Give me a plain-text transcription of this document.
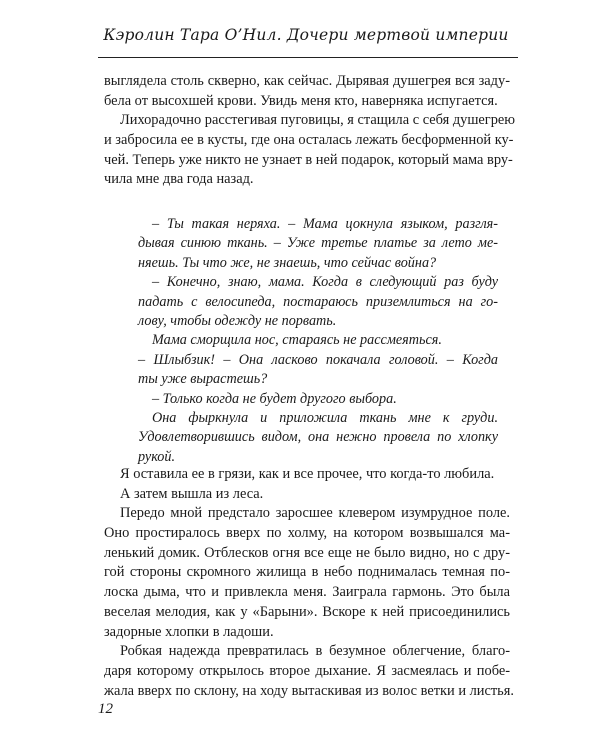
Кэролин Тара О’Нил. Дочери мертвой империи
выглядела столь скверно, как сейчас. Дырявая душегрея вся заду-
бела от высохшей крови. Увидь меня кто, наверняка испугается.
Лихорадочно расстегивая пуговицы, я стащила с себя душегрею
и забросила ее в кусты, где она осталась лежать бесформенной ку-
чей. Теперь уже никто не узнает в ней подарок, который мама вру-
чила мне два года назад.
– Ты такая неряха. – Мама цокнула языком, разгля-
дывая синюю ткань. – Уже третье платье за лето ме-
няешь. Ты что же, не знаешь, что сейчас война?
– Конечно, знаю, мама. Когда в следующий раз буду
падать с велосипеда, постараюсь приземлиться на го-
лову, чтобы одежду не порвать.
Мама сморщила нос, стараясь не рассмеяться.
– Шлыбзик! – Она ласково покачала головой. – Когда
ты уже вырастешь?
– Только когда не будет другого выбора.
Она фыркнула и приложила ткань мне к груди.
Удовлетворившись видом, она нежно провела по хлопку
рукой.
Я оставила ее в грязи, как и все прочее, что когда-то любила.
А затем вышла из леса.
Передо мной предстало заросшее клевером изумрудное поле.
Оно простиралось вверх по холму, на котором возвышался ма-
ленький домик. Отблесков огня все еще не было видно, но с дру-
гой стороны скромного жилища в небо поднималась темная по-
лоска дыма, что и привлекла меня. Заиграла гармонь. Это была
веселая мелодия, как у «Барыни». Вскоре к ней присоединились
задорные хлопки в ладоши.
Робкая надежда превратилась в безумное облегчение, благо-
даря которому открылось второе дыхание. Я засмеялась и побе-
жала вверх по склону, на ходу вытаскивая из волос ветки и листья.
12
